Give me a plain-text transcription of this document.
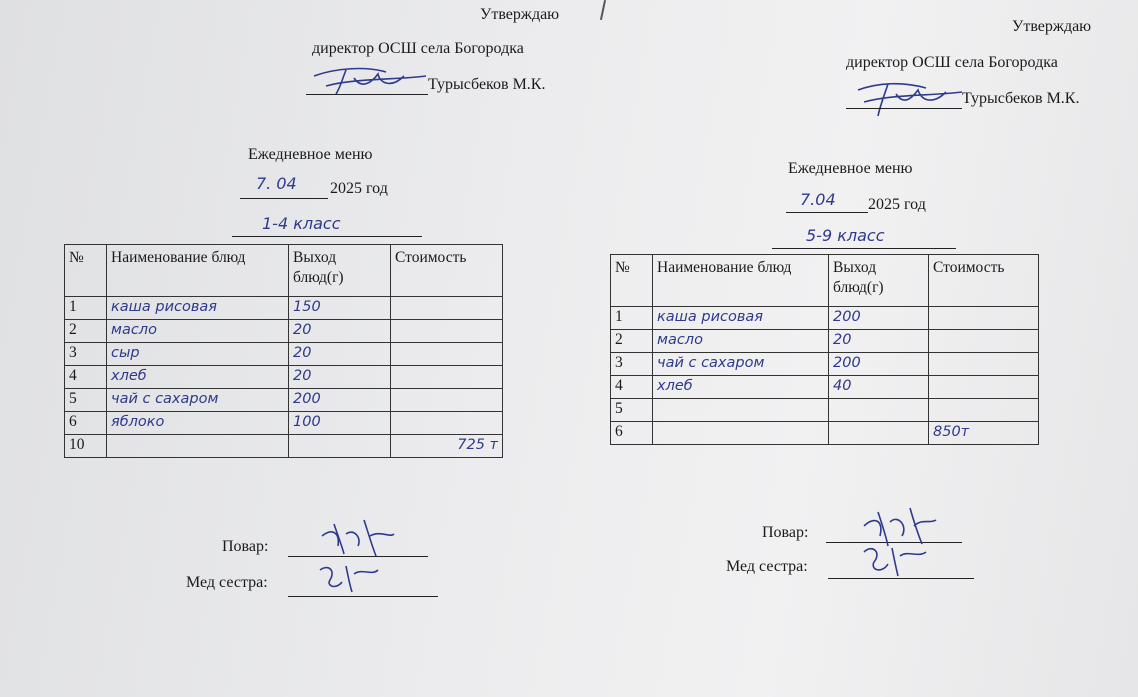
Утверждаю
директор ОСШ села Богородка
Турысбеков М.К.
Ежедневное меню
7. 04 2025 год
1-4 класс
№	Наименование блюд	Выход блюд(г)	Стоимость
1	каша рисовая	150	
2	масло	20	
3	сыр	20	
4	хлеб	20	
5	чай с сахаром	200	
6	яблоко	100	
10			725 т
Повар:
Мед сестра:
Утверждаю
директор ОСШ села Богородка
Турысбеков М.К.
Ежедневное меню
7.04 2025 год
5-9 класс
№	Наименование блюд	Выход блюд(г)	Стоимость
1	каша рисовая	200	
2	масло	20	
3	чай с сахаром	200	
4	хлеб	40	
5			
6			850т
Повар:
Мед сестра:
